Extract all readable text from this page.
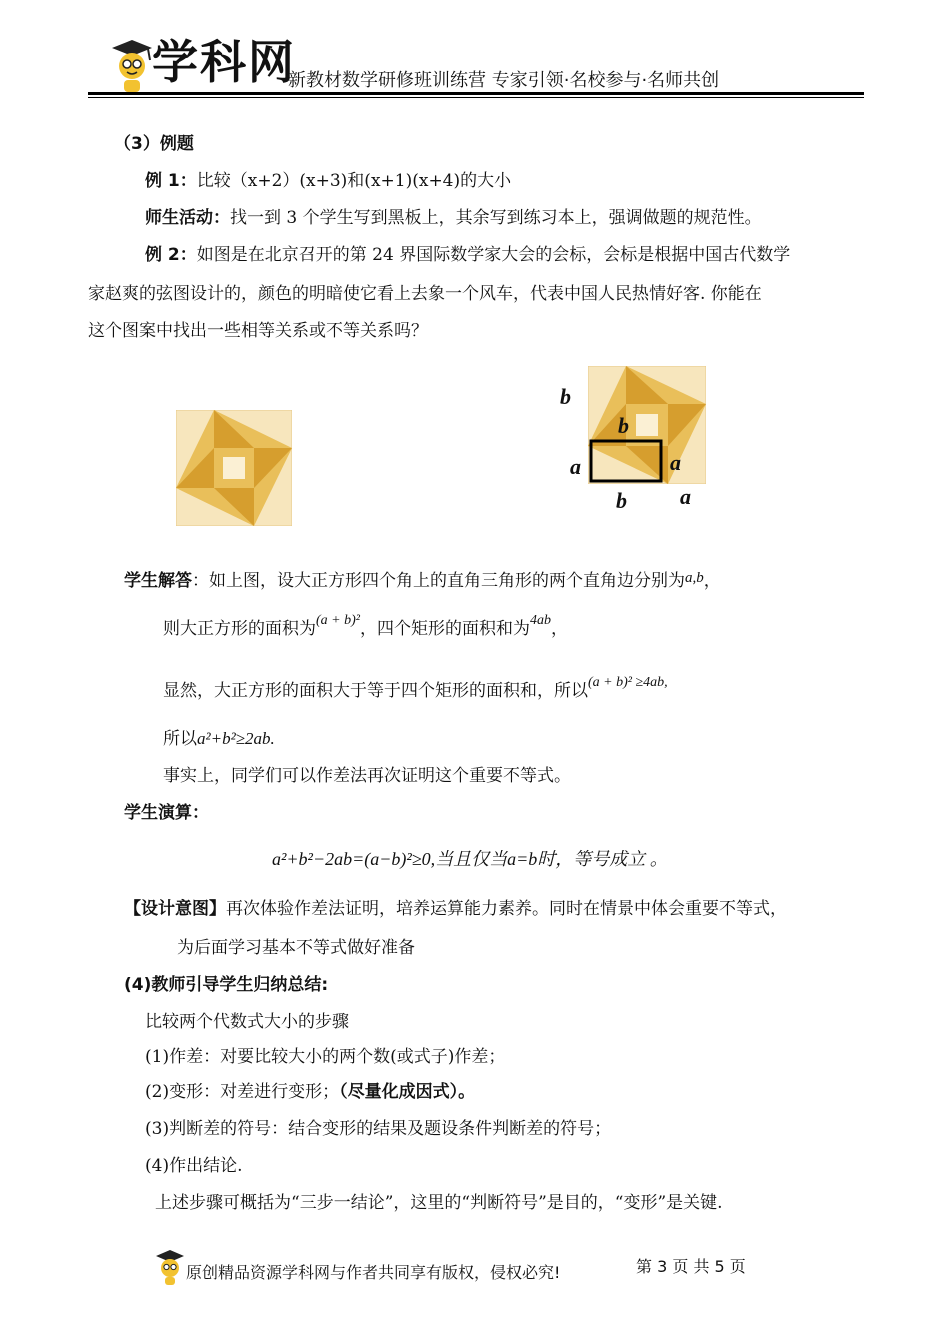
学科网
新教材数学研修班训练营 专家引领·名校参与·名师共创
（3）例题
例 1：比较（x+2）(x+3)和(x+1)(x+4)的大小
师生活动：找一到 3 个学生写到黑板上，其余写到练习本上，强调做题的规范性。
例 2：如图是在北京召开的第 24 界国际数学家大会的会标，会标是根据中国古代数学
家赵爽的弦图设计的，颜色的明暗使它看上去象一个风车，代表中国人民热情好客. 你能在
这个图案中找出一些相等关系或不等关系吗？
b
b
a	a
b a
学生解答：如上图，设大正方形四个角上的直角三角形的两个直角边分别为a,b，
则大正方形的面积为$^{(a + b)^2}$，四个矩形的面积和为$^{4ab}$，
显然，大正方形的面积大于等于四个矩形的面积和，所以$^{(a + b)^2 \ge 4ab,}$
所以a²+b²≥2ab.
事实上，同学们可以作差法再次证明这个重要不等式。
学生演算：
a²+b²−2ab=(a−b)²≥0,当且仅当a=b时，等号成立 。
【设计意图】再次体验作差法证明，培养运算能力素养。同时在情景中体会重要不等式，
为后面学习基本不等式做好准备
(4)教师引导学生归纳总结:
比较两个代数式大小的步骤
(1)作差：对要比较大小的两个数(或式子)作差；
(2)变形：对差进行变形；（尽量化成因式）。
(3)判断差的符号：结合变形的结果及题设条件判断差的符号；
(4)作出结论.
上述步骤可概括为“三步一结论”，这里的“判断符号”是目的，“变形”是关键.
原创精品资源学科网与作者共同享有版权，侵权必究!	第 3 页 共 5 页
